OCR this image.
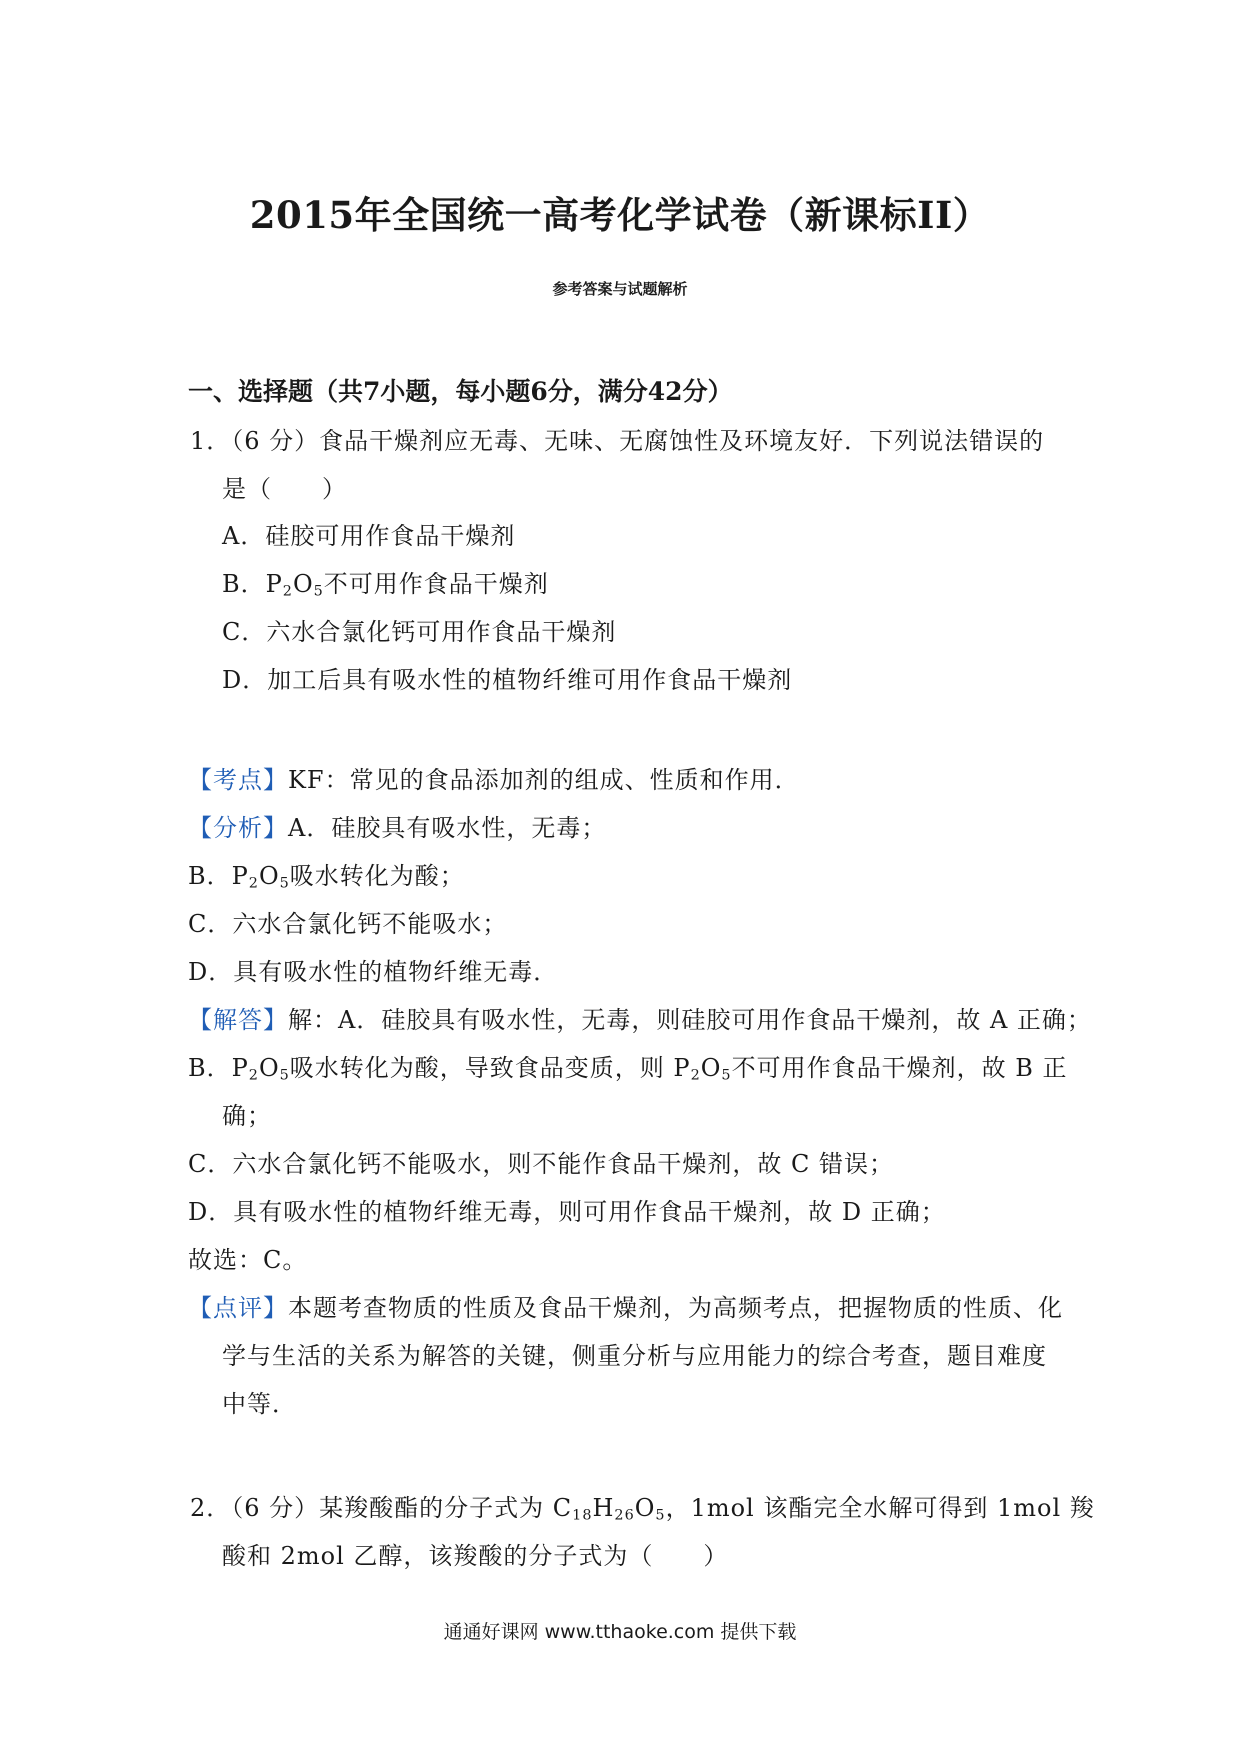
2015年全国统一高考化学试卷（新课标II）
参考答案与试题解析
一、选择题（共7小题，每小题6分，满分42分）
1．（6 分）食品干燥剂应无毒、无味、无腐蚀性及环境友好．下列说法错误的
是（　　）
A．硅胶可用作食品干燥剂
B．$P_2O_5$不可用作食品干燥剂
C．六水合氯化钙可用作食品干燥剂
D．加工后具有吸水性的植物纤维可用作食品干燥剂
【考点】KF：常见的食品添加剂的组成、性质和作用．
【分析】A．硅胶具有吸水性，无毒；
B．$P_2O_5$吸水转化为酸；
C．六水合氯化钙不能吸水；
D．具有吸水性的植物纤维无毒．
【解答】解：A．硅胶具有吸水性，无毒，则硅胶可用作食品干燥剂，故 A 正确；
B．$P_2O_5$吸水转化为酸，导致食品变质，则 $P_2O_5$不可用作食品干燥剂，故 B 正
确；
C．六水合氯化钙不能吸水，则不能作食品干燥剂，故 C 错误；
D．具有吸水性的植物纤维无毒，则可用作食品干燥剂，故 D 正确；
故选：C。
【点评】本题考查物质的性质及食品干燥剂，为高频考点，把握物质的性质、化
学与生活的关系为解答的关键，侧重分析与应用能力的综合考查，题目难度
中等．
2．（6 分）某羧酸酯的分子式为 $C_{18}H_{26}O_5$，1mol 该酯完全水解可得到 1mol 羧
酸和 2mol 乙醇，该羧酸的分子式为（　　）
通通好课网 www.tthaoke.com 提供下载
